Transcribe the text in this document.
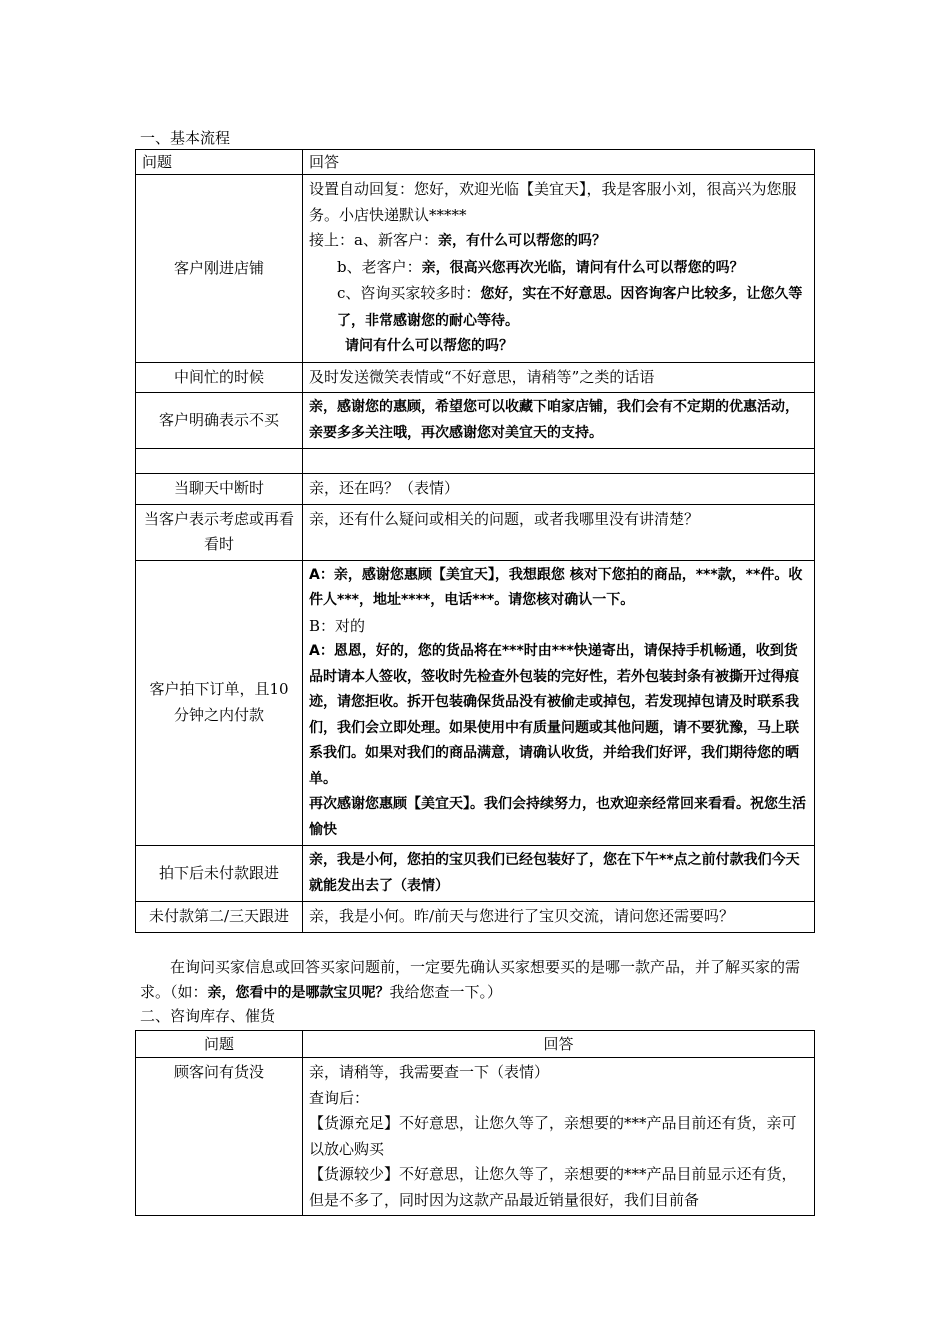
一、基本流程
问题	回答
客户刚进店铺	设置自动回复：您好，欢迎光临【美宜天】，我是客服小刘，很高兴为您服务。小店快递默认*****
接上：a、新客户：亲，有什么可以帮您的吗？
b、老客户：亲，很高兴您再次光临，请问有什么可以帮您的吗？
c、咨询买家较多时：您好，实在不好意思。因咨询客户比较多，让您久等了，非常感谢您的耐心等待。
请问有什么可以帮您的吗？

中间忙的时候	及时发送微笑表情或“不好意思，请稍等”之类的话语
客户明确表示不买	亲，感谢您的惠顾，希望您可以收藏下咱家店铺，我们会有不定期的优惠活动，亲要多多关注哦，再次感谢您对美宜天的支持。

当聊天中断时	亲，还在吗？（表情）
当客户表示考虑或再看看时	亲，还有什么疑问或相关的问题，或者我哪里没有讲清楚？
客户拍下订单，且10分钟之内付款	A：亲，感谢您惠顾【美宜天】，我想跟您 核对下您拍的商品，***款，**件。收件人***，地址****，电话***。请您核对确认一下。
B：对的
A：恩恩，好的，您的货品将在***时由***快递寄出，请保持手机畅通，收到货品时请本人签收，签收时先检查外包装的完好性，若外包装封条有被撕开过得痕迹，请您拒收。拆开包装确保货品没有被偷走或掉包，若发现掉包请及时联系我们，我们会立即处理。如果使用中有质量问题或其他问题，请不要犹豫，马上联系我们。如果对我们的商品满意，请确认收货，并给我们好评，我们期待您的晒单。
再次感谢您惠顾【美宜天】。我们会持续努力，也欢迎亲经常回来看看。祝您生活愉快

拍下后未付款跟进	亲，我是小何，您拍的宝贝我们已经包装好了，您在下午**点之前付款我们今天就能发出去了（表情）
未付款第二/三天跟进	亲，我是小何。昨/前天与您进行了宝贝交流，请问您还需要吗？
在询问买家信息或回答买家问题前，一定要先确认买家想要买的是哪一款产品，并了解买家的需求。（如：亲，您看中的是哪款宝贝呢？我给您查一下。）
二、咨询库存、催货
问题	回答
顾客问有货没	亲，请稍等，我需要查一下（表情）
查询后：
【货源充足】不好意思，让您久等了，亲想要的***产品目前还有货，亲可以放心购买
【货源较少】不好意思，让您久等了，亲想要的***产品目前显示还有货，但是不多了，同时因为这款产品最近销量很好，我们目前备
